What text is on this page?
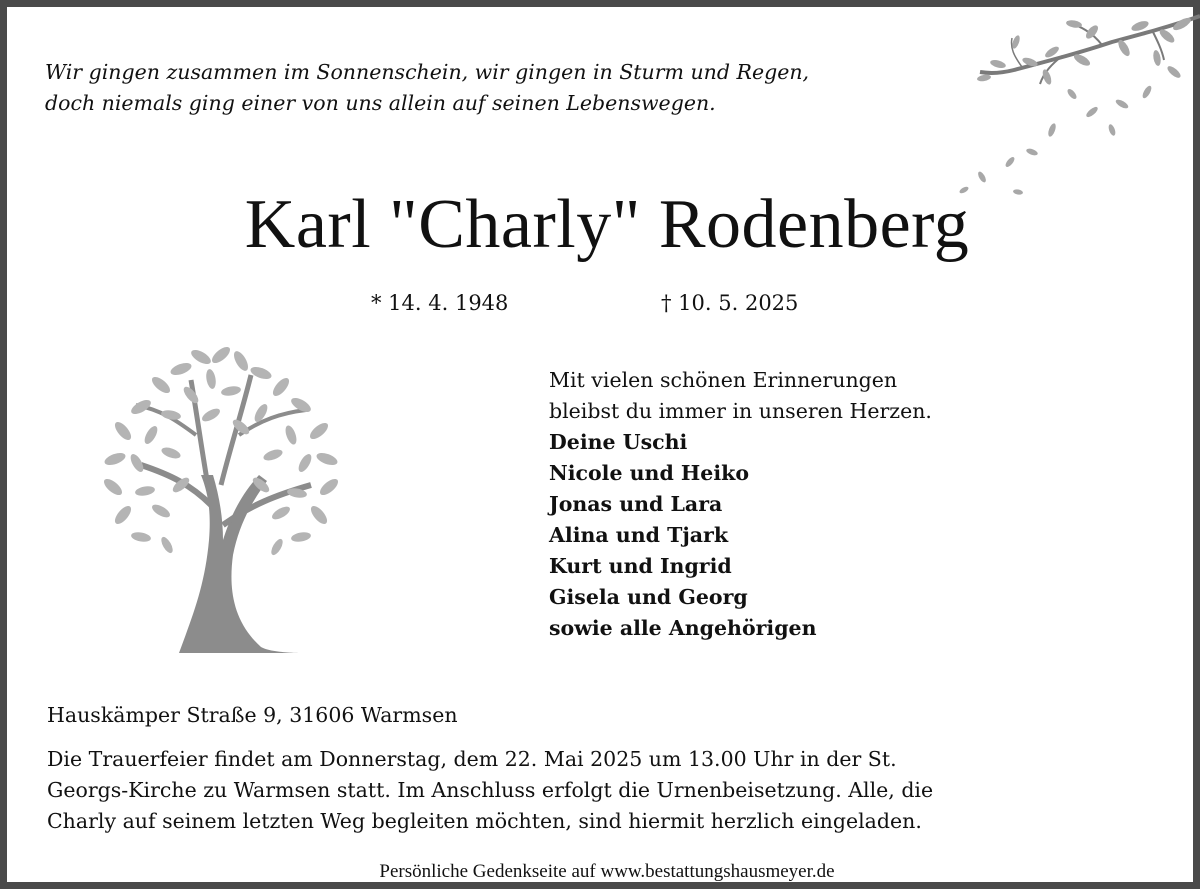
Wir gingen zusammen im Sonnenschein, wir gingen in Sturm und Regen,
doch niemals ging einer von uns allein auf seinen Lebenswegen.
Karl "Charly" Rodenberg
* 14. 4. 1948	† 10. 5. 2025
Mit vielen schönen Erinnerungen
bleibst du immer in unseren Herzen.
Deine Uschi
Nicole und Heiko
Jonas und Lara
Alina und Tjark
Kurt und Ingrid
Gisela und Georg
sowie alle Angehörigen
Hauskämper Straße 9, 31606 Warmsen
Die Trauerfeier findet am Donnerstag, dem 22. Mai 2025 um 13.00 Uhr in der St.
Georgs-Kirche zu Warmsen statt. Im Anschluss erfolgt die Urnenbeisetzung. Alle, die
Charly auf seinem letzten Weg begleiten möchten, sind hiermit herzlich eingeladen.
Persönliche Gedenkseite auf www.bestattungshausmeyer.de
